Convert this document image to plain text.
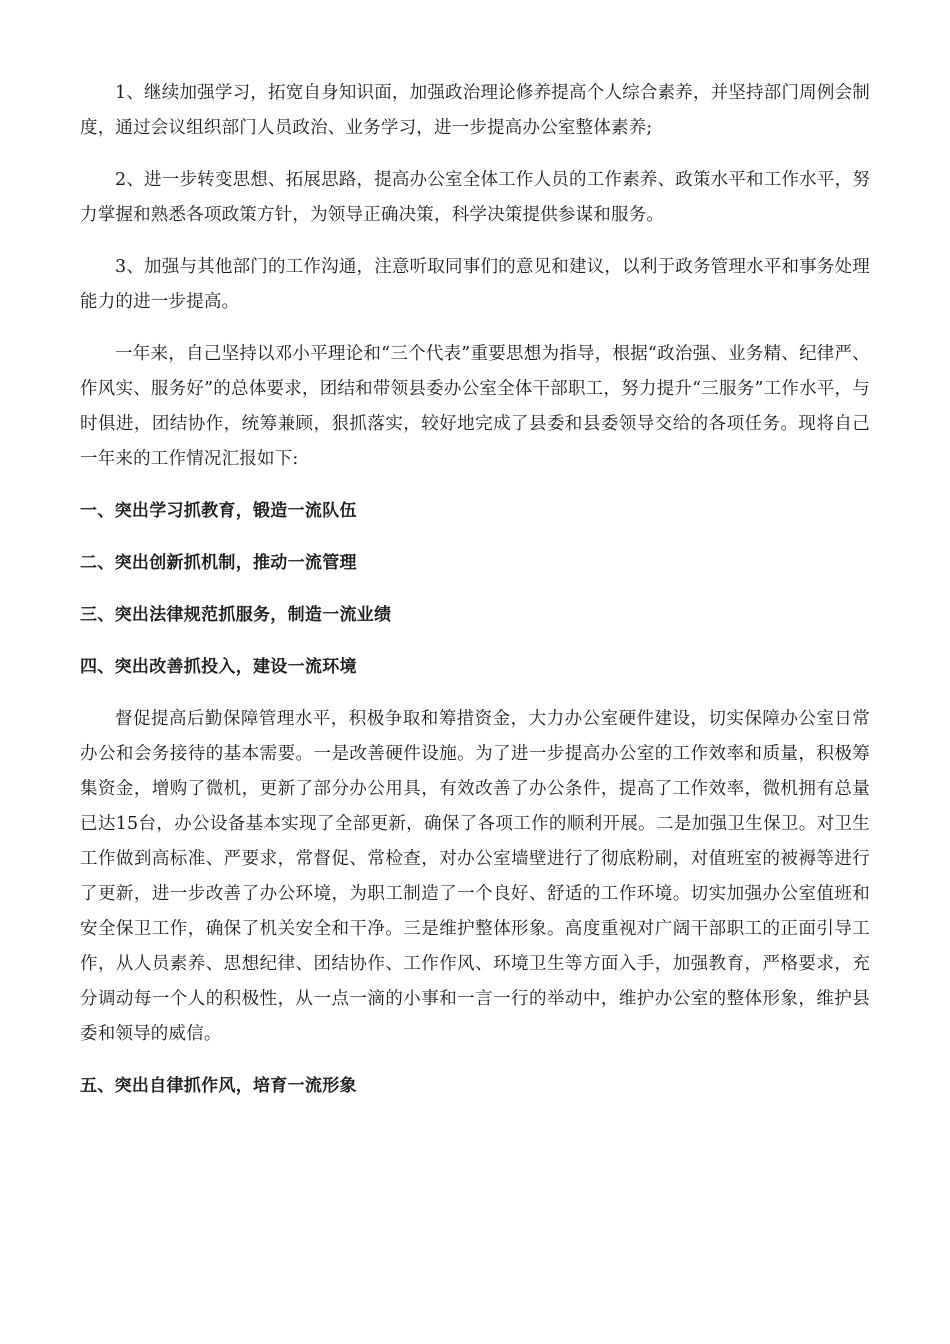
1、继续加强学习，拓宽自身知识面，加强政治理论修养提高个人综合素养，并坚持部门周例会制度，通过会议组织部门人员政治、业务学习，进一步提高办公室整体素养;

2、进一步转变思想、拓展思路，提高办公室全体工作人员的工作素养、政策水平和工作水平，努力掌握和熟悉各项政策方针，为领导正确决策，科学决策提供参谋和服务。

3、加强与其他部门的工作沟通，注意听取同事们的意见和建议，以利于政务管理水平和事务处理能力的进一步提高。

一年来，自己坚持以邓小平理论和“三个代表”重要思想为指导，根据“政治强、业务精、纪律严、作风实、服务好”的总体要求，团结和带领县委办公室全体干部职工，努力提升“三服务”工作水平，与时俱进，团结协作，统筹兼顾，狠抓落实，较好地完成了县委和县委领导交给的各项任务。现将自己一年来的工作情况汇报如下:

一、突出学习抓教育，锻造一流队伍
二、突出创新抓机制，推动一流管理
三、突出法律规范抓服务，制造一流业绩
四、突出改善抓投入，建设一流环境

督促提高后勤保障管理水平，积极争取和筹措资金，大力办公室硬件建设，切实保障办公室日常办公和会务接待的基本需要。一是改善硬件设施。为了进一步提高办公室的工作效率和质量，积极筹集资金，增购了微机，更新了部分办公用具，有效改善了办公条件，提高了工作效率，微机拥有总量已达15台，办公设备基本实现了全部更新，确保了各项工作的顺利开展。二是加强卫生保卫。对卫生工作做到高标准、严要求，常督促、常检查，对办公室墙壁进行了彻底粉刷，对值班室的被褥等进行了更新，进一步改善了办公环境，为职工制造了一个良好、舒适的工作环境。切实加强办公室值班和安全保卫工作，确保了机关安全和干净。三是维护整体形象。高度重视对广阔干部职工的正面引导工作，从人员素养、思想纪律、团结协作、工作作风、环境卫生等方面入手，加强教育，严格要求，充分调动每一个人的积极性，从一点一滴的小事和一言一行的举动中，维护办公室的整体形象，维护县委和领导的威信。

五、突出自律抓作风，培育一流形象
